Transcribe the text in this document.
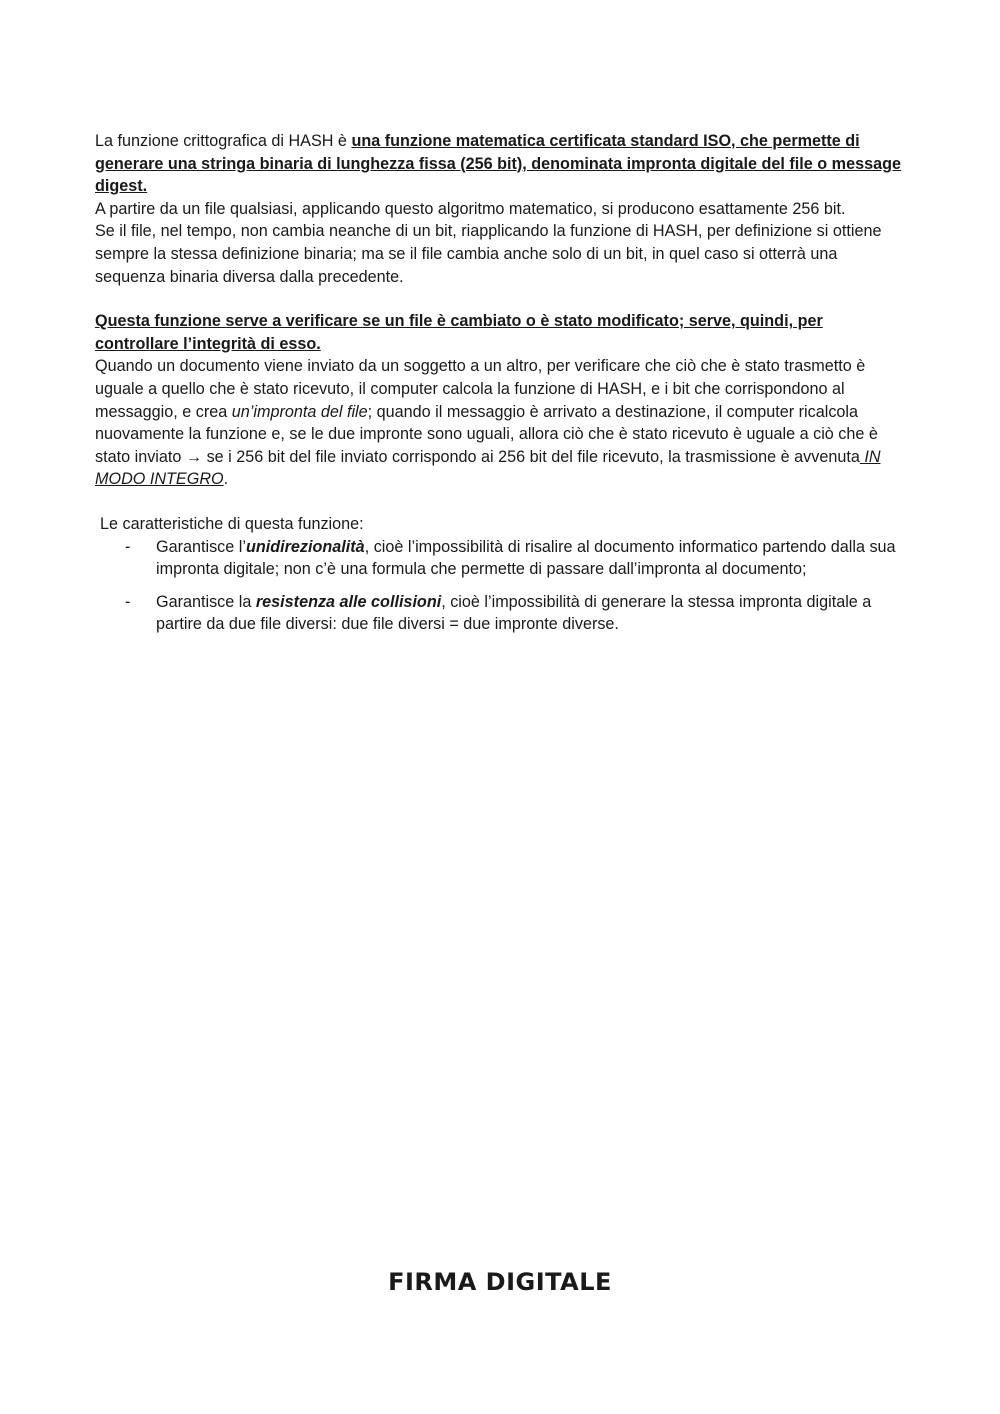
La funzione crittografica di HASH è una funzione matematica certificata standard ISO, che permette di generare una stringa binaria di lunghezza fissa (256 bit), denominata impronta digitale del file o message digest.

A partire da un file qualsiasi, applicando questo algoritmo matematico, si producono esattamente 256 bit.

Se il file, nel tempo, non cambia neanche di un bit, riapplicando la funzione di HASH, per definizione si ottiene sempre la stessa definizione binaria; ma se il file cambia anche solo di un bit, in quel caso si otterrà una sequenza binaria diversa dalla precedente.

Questa funzione serve a verificare se un file è cambiato o è stato modificato; serve, quindi, per controllare l’integrità di esso.

Quando un documento viene inviato da un soggetto a un altro, per verificare che ciò che è stato trasmetto è uguale a quello che è stato ricevuto, il computer calcola la funzione di HASH, e i bit che corrispondono al messaggio, e crea un’impronta del file; quando il messaggio è arrivato a destinazione, il computer ricalcola nuovamente la funzione e, se le due impronte sono uguali, allora ciò che è stato ricevuto è uguale a ciò che è stato inviato → se i 256 bit del file inviato corrispondo ai 256 bit del file ricevuto, la trasmissione è avvenuta IN MODO INTEGRO.

Le caratteristiche di questa funzione:

- Garantisce l’unidirezionalità, cioè l’impossibilità di risalire al documento informatico partendo dalla sua impronta digitale; non c’è una formula che permette di passare dall’impronta al documento;
- Garantisce la resistenza alle collisioni, cioè l’impossibilità di generare la stessa impronta digitale a partire da due file diversi: due file diversi = due impronte diverse.
FIRMA DIGITALE
